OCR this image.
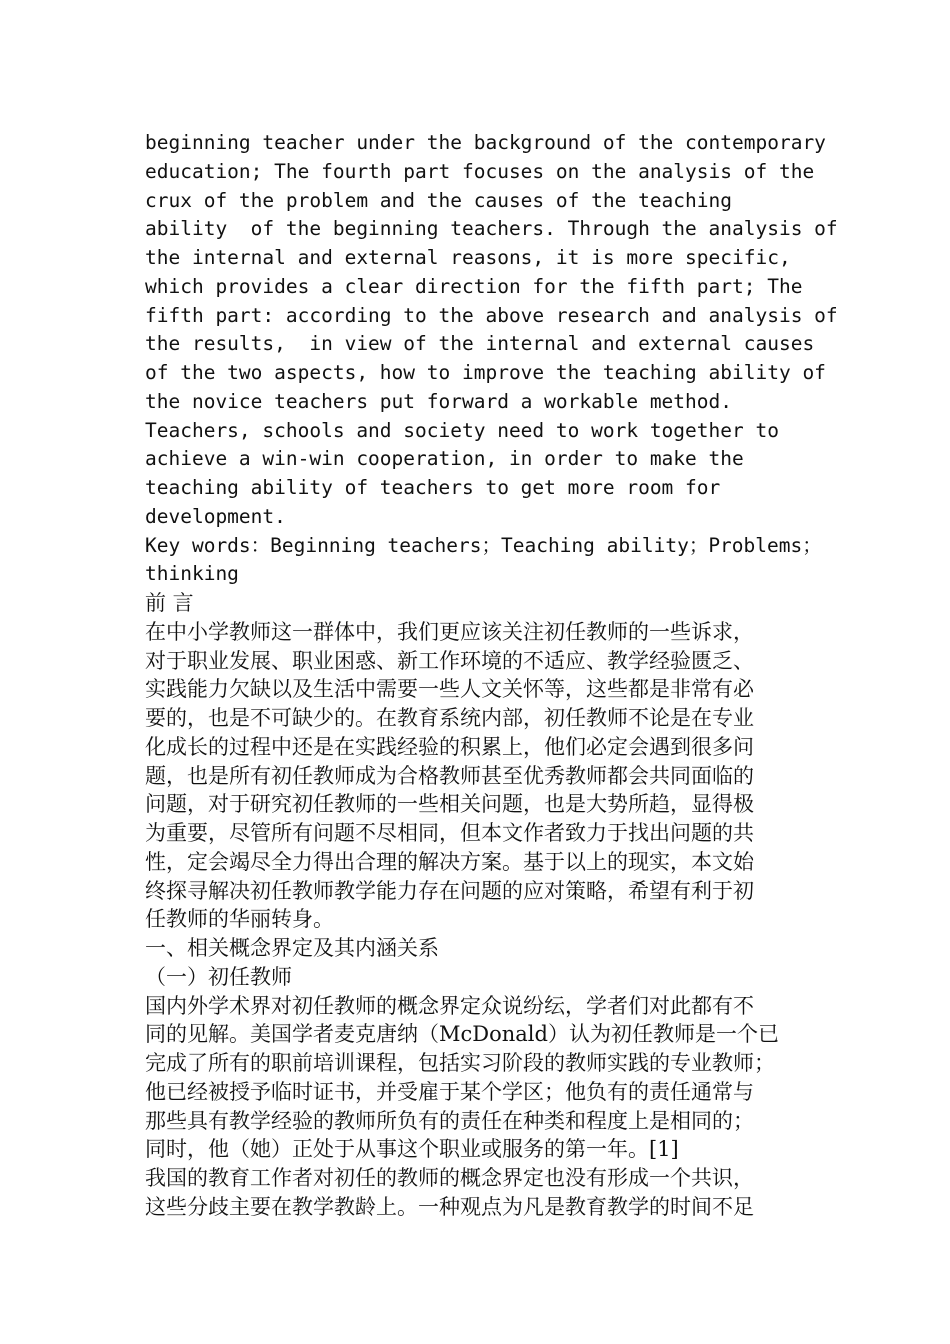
beginning teacher under the background of the contemporary
education; The fourth part focuses on the analysis of the
crux of the problem and the causes of the teaching
ability  of the beginning teachers. Through the analysis of
the internal and external reasons, it is more specific,
which provides a clear direction for the fifth part; The
fifth part: according to the above research and analysis of
the results,  in view of the internal and external causes
of the two aspects, how to improve the teaching ability of
the novice teachers put forward a workable method.
Teachers, schools and society need to work together to
achieve a win-win cooperation, in order to make the
teaching ability of teachers to get more room for
development.
Key words：Beginning teachers；Teaching ability；Problems；
thinking
前 言
在中小学教师这一群体中，我们更应该关注初任教师的一些诉求，
对于职业发展、职业困惑、新工作环境的不适应、教学经验匮乏、
实践能力欠缺以及生活中需要一些人文关怀等，这些都是非常有必
要的，也是不可缺少的。在教育系统内部，初任教师不论是在专业
化成长的过程中还是在实践经验的积累上，他们必定会遇到很多问
题，也是所有初任教师成为合格教师甚至优秀教师都会共同面临的
问题，对于研究初任教师的一些相关问题，也是大势所趋，显得极
为重要，尽管所有问题不尽相同，但本文作者致力于找出问题的共
性，定会竭尽全力得出合理的解决方案。基于以上的现实，本文始
终探寻解决初任教师教学能力存在问题的应对策略，希望有利于初
任教师的华丽转身。
一、相关概念界定及其内涵关系
（一）初任教师
国内外学术界对初任教师的概念界定众说纷纭，学者们对此都有不
同的见解。美国学者麦克唐纳（McDonald）认为初任教师是一个已
完成了所有的职前培训课程，包括实习阶段的教师实践的专业教师；
他已经被授予临时证书，并受雇于某个学区；他负有的责任通常与
那些具有教学经验的教师所负有的责任在种类和程度上是相同的；
同时，他（她）正处于从事这个职业或服务的第一年。[1]
我国的教育工作者对初任的教师的概念界定也没有形成一个共识，
这些分歧主要在教学教龄上。一种观点为凡是教育教学的时间不足
